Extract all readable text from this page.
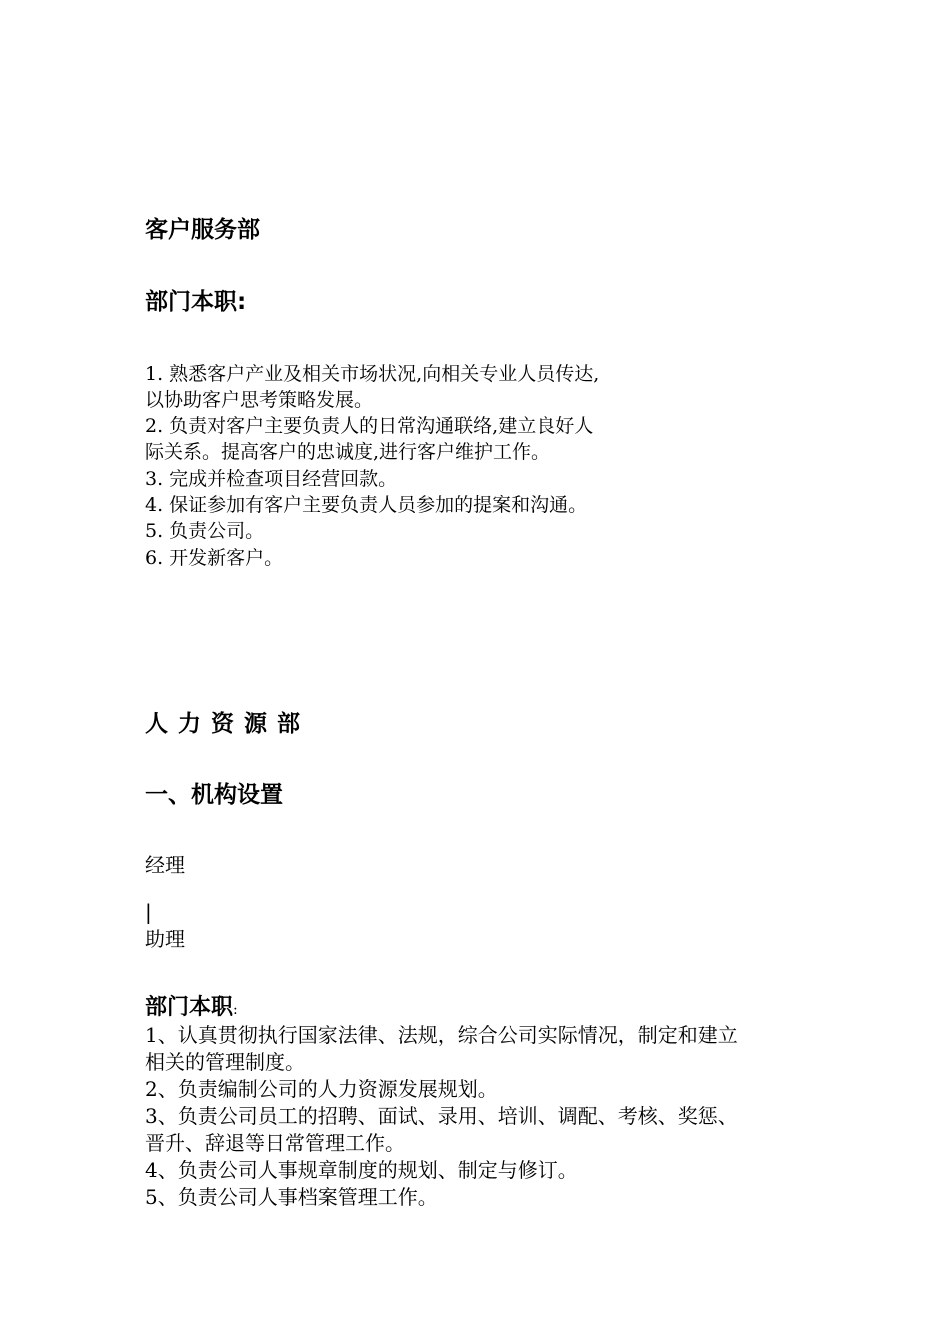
客户服务部
部门本职:
1. 熟悉客户产业及相关市场状况,向相关专业人员传达,
以协助客户思考策略发展。
2. 负责对客户主要负责人的日常沟通联络,建立良好人
际关系。提高客户的忠诚度,进行客户维护工作。
3. 完成并检查项目经营回款。
4. 保证参加有客户主要负责人员参加的提案和沟通。
5. 负责公司。
6. 开发新客户。
人力资源部
一、机构设置
经理
|
助理
部门本职:
1、认真贯彻执行国家法律、法规，综合公司实际情况，制定和建立
相关的管理制度。
2、负责编制公司的人力资源发展规划。
3、负责公司员工的招聘、面试、录用、培训、调配、考核、奖惩、
晋升、辞退等日常管理工作。
4、负责公司人事规章制度的规划、制定与修订。
5、负责公司人事档案管理工作。
